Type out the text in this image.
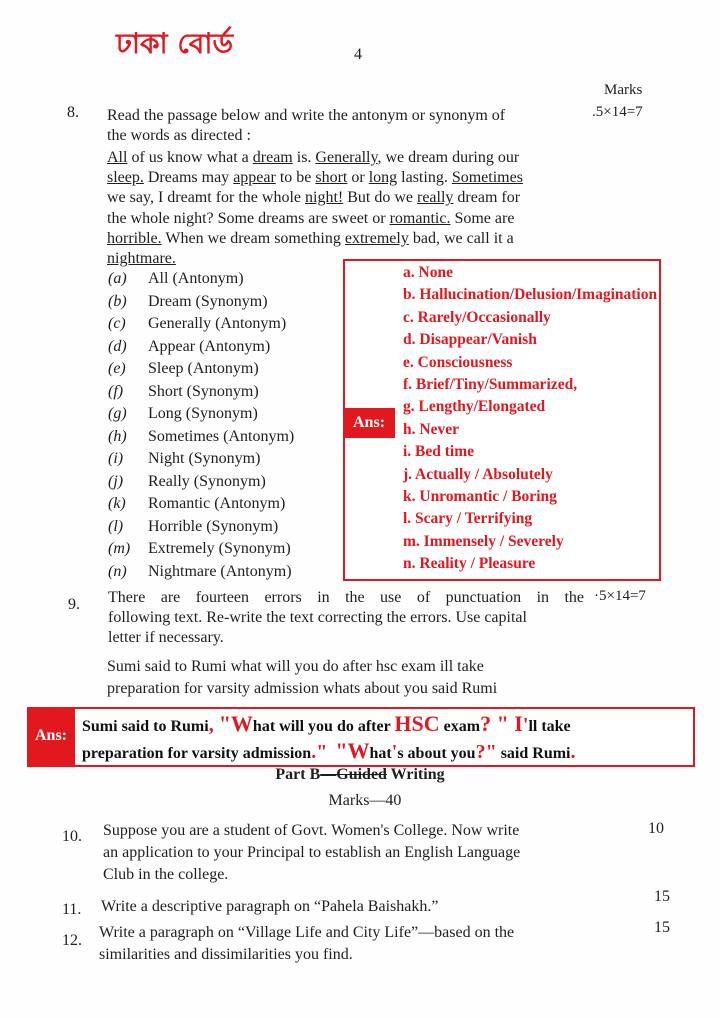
ঢাকা বোর্ড	4
Marks
8.	.5×14=7
Read the passage below and write the antonym or synonym of
the words as directed :
All of us know what a dream is. Generally, we dream during our
sleep. Dreams may appear to be short or long lasting. Sometimes
we say, I dreamt for the whole night! But do we really dream for
the whole night? Some dreams are sweet or romantic. Some are
horrible. When we dream something extremely bad, we call it a
nightmare.
(a) All (Antonym)
(b) Dream (Synonym)
(c) Generally (Antonym)
(d) Appear (Antonym)
(e) Sleep (Antonym)
(f) Short (Synonym)
(g) Long (Synonym)
(h) Sometimes (Antonym)
(i) Night (Synonym)
(j) Really (Synonym)
(k) Romantic (Antonym)
(l) Horrible (Synonym)
(m) Extremely (Synonym)
(n) Nightmare (Antonym)
Ans:
a. None
b. Hallucination/Delusion/Imagination
c. Rarely/Occasionally
d. Disappear/Vanish
e. Consciousness
f. Brief/Tiny/Summarized,
g. Lengthy/Elongated
h. Never
i. Bed time
j. Actually / Absolutely
k. Unromantic / Boring
l. Scary / Terrifying
m. Immensely / Severely
n. Reality / Pleasure
9.	·5×14=7
There are fourteen errors in the use of punctuation in the
following text. Re-write the text correcting the errors. Use capital
letter if necessary.
Sumi said to Rumi what will you do after hsc exam ill take
preparation for varsity admission whats about you said Rumi
Ans:
Sumi said to Rumi, "What will you do after HSC exam? " I'll take
preparation for varsity admission." "What's about you?" said Rumi.
Part B—Guided Writing
Marks—40
10.	10
Suppose you are a student of Govt. Women's College. Now write
an application to your Principal to establish an English Language
Club in the college.
11.
15
Write a descriptive paragraph on “Pahela Baishakh.”
12.
15
Write a paragraph on “Village Life and City Life”—based on the
similarities and dissimilarities you find.
